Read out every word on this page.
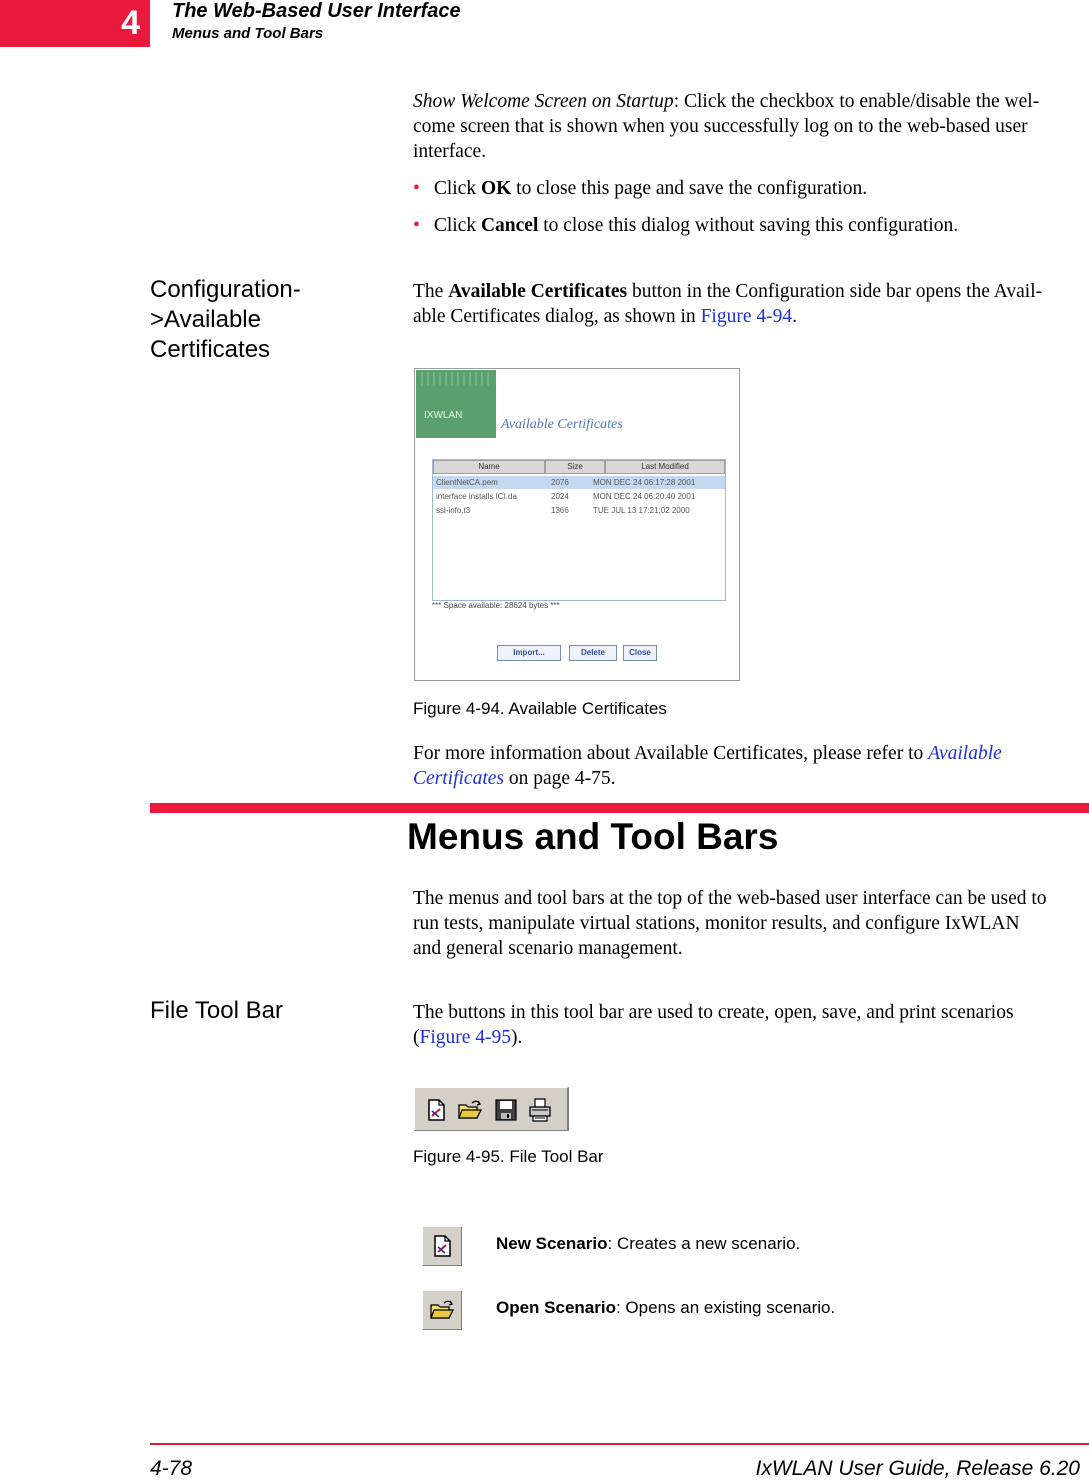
4 The Web-Based User Interface
Menus and Tool Bars
Show Welcome Screen on Startup: Click the checkbox to enable/disable the wel-
come screen that is shown when you successfully log on to the web-based user
interface.
• Click OK to close this page and save the configuration.
• Click Cancel to close this dialog without saving this configuration.
Configuration-
>Available
Certificates
The Available Certificates button in the Configuration side bar opens the Avail-
able Certificates dialog, as shown in Figure 4-94.
IXWLAN
Available Certificates
Name	Size	Last Modified
ClientNetCA.pem	2076	MON DEC 24 06:17:28 2001
interface installs ICI.da	2024	MON DEC 24 06:20:40 2001
ssl-info.t3	1366	TUE JUL 13 17:21:02 2000
*** Space available: 28624 bytes ***
Import...	Delete	Close
Figure 4-94. Available Certificates
For more information about Available Certificates, please refer to Available
Certificates on page 4-75.
Menus and Tool Bars
The menus and tool bars at the top of the web-based user interface can be used to
run tests, manipulate virtual stations, monitor results, and configure IxWLAN
and general scenario management.
File Tool Bar	The buttons in this tool bar are used to create, open, save, and print scenarios
(Figure 4-95).
Figure 4-95. File Tool Bar
New Scenario: Creates a new scenario.
Open Scenario: Opens an existing scenario.
4-78	IxWLAN User Guide, Release 6.20
